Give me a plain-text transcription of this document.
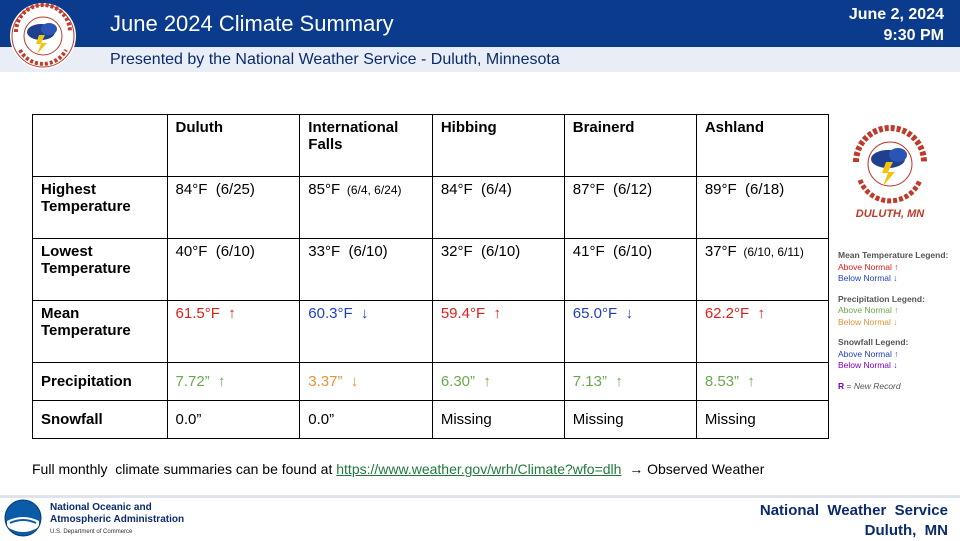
June 2024 Climate Summary
Presented by the National Weather Service - Duluth, Minnesota
June 2, 2024
9:30 PM
	Duluth	International Falls	Hibbing	Brainerd	Ashland
Highest Temperature	84°F  (6/25)	85°F  (6/4, 6/24)	84°F  (6/4)	87°F  (6/12)	89°F  (6/18)
Lowest Temperature	40°F  (6/10)	33°F  (6/10)	32°F  (6/10)	41°F  (6/10)	37°F  (6/10, 6/11)
Mean Temperature	61.5°F  ↑	60.3°F  ↓	59.4°F  ↑	65.0°F  ↓	62.2°F  ↑
Precipitation	7.72”  ↑	3.37”  ↓	6.30”  ↑	7.13”  ↑	8.53”  ↑
Snowfall	0.0”	0.0”	Missing	Missing	Missing
DULUTH, MN
Mean Temperature Legend:
Above Normal ↑
Below Normal ↓
Precipitation Legend:
Above Normal ↑
Below Normal ↓
Snowfall Legend:
Above Normal ↑
Below Normal ↓
R = New Record
Full monthly  climate summaries can be found at https://www.weather.gov/wrh/Climate?wfo=dlh  → Observed Weather
National Oceanic and
Atmospheric Administration
U.S. Department of Commerce
National  Weather  Service
Duluth,  MN
